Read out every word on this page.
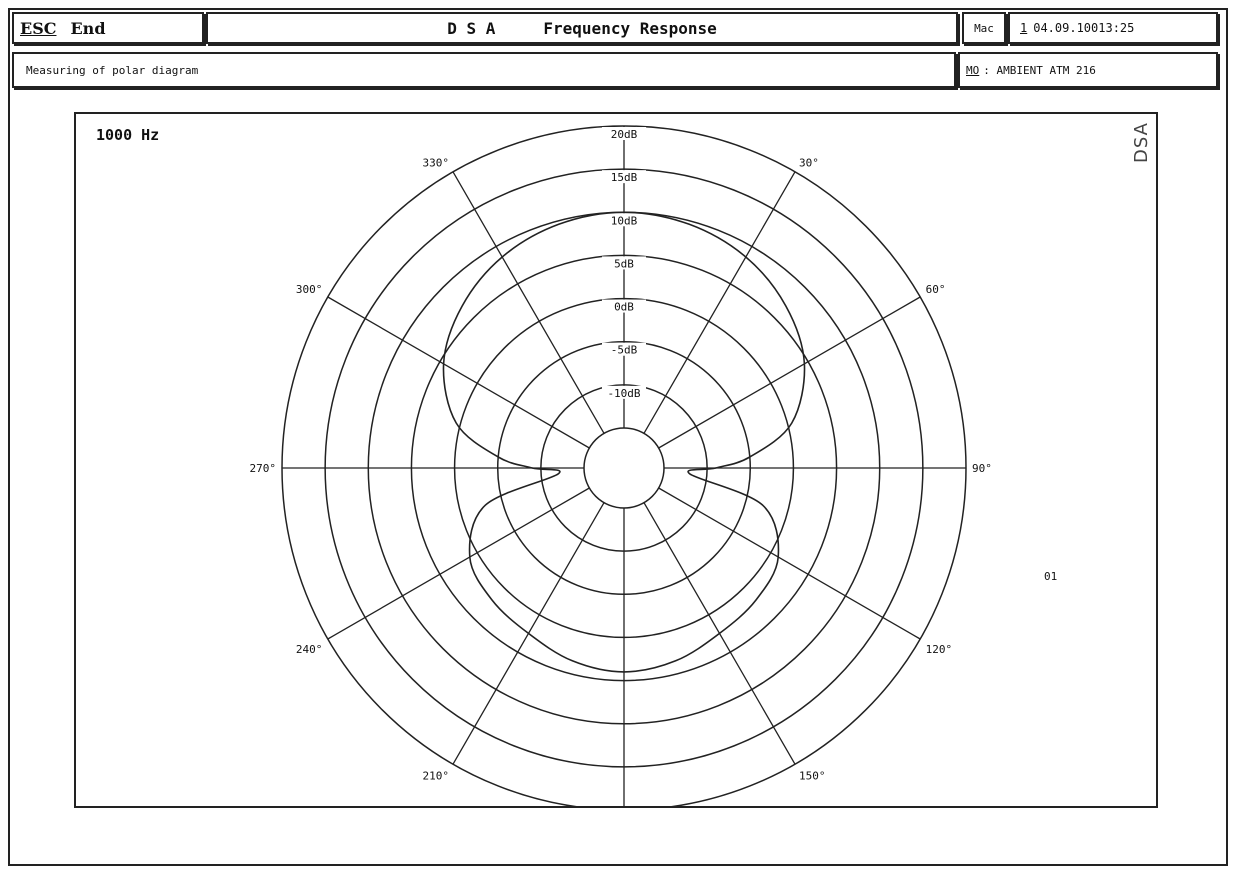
ESC End	D S A	Frequency Response	Mac 1 04.09.10013:25
Measuring of polar diagram	MO : AMBIENT ATM 216
-10dB
-5dB
0dB
5dB
10dB
15dB
20dB
30°
60°
90°
120°
150°
210°
240°
270°
300°
330°
1000 Hz	DSA
01
